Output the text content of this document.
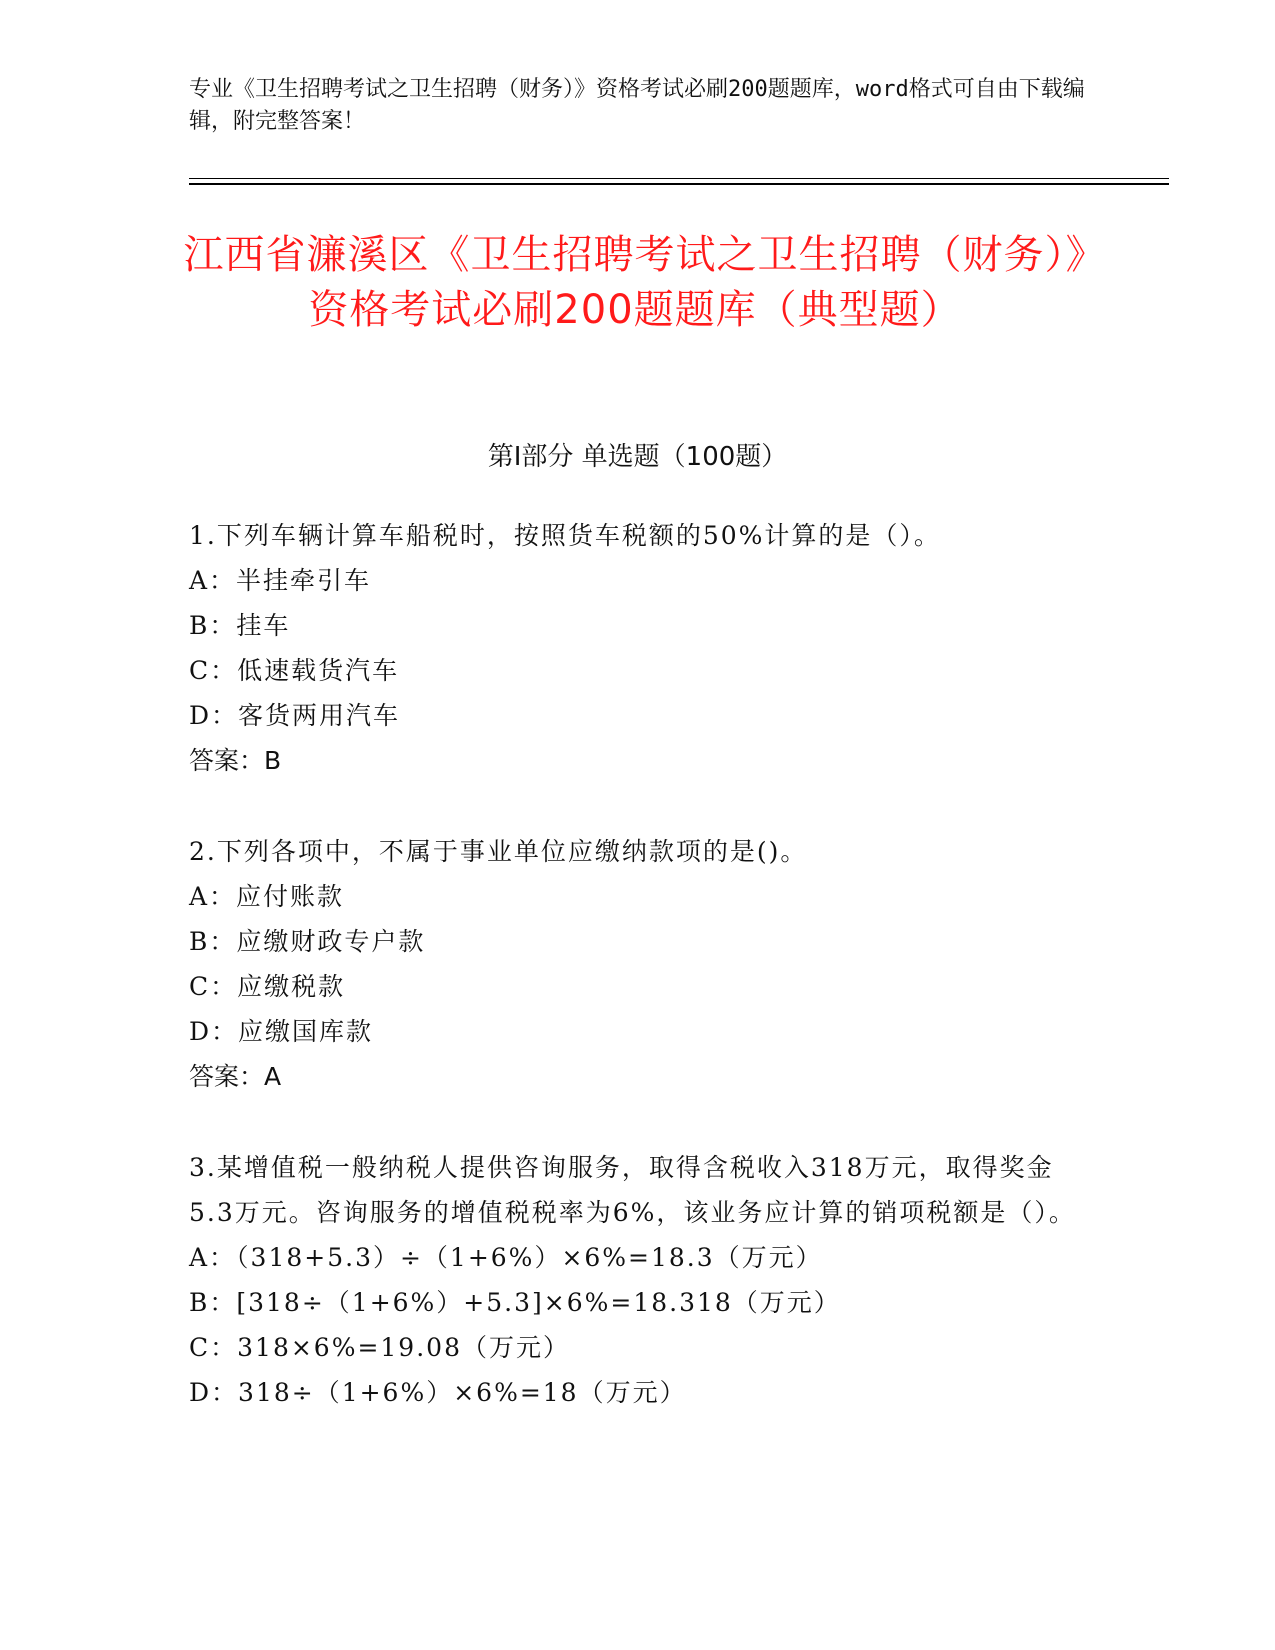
专业《卫生招聘考试之卫生招聘（财务）》资格考试必刷200题题库，word格式可自由下载编辑，附完整答案！
江西省濂溪区《卫生招聘考试之卫生招聘（财务）》资格考试必刷200题题库（典型题）
第Ⅰ部分 单选题（100题）
1.下列车辆计算车船税时，按照货车税额的50%计算的是（）。
A：半挂牵引车
B：挂车
C：低速载货汽车
D：客货两用汽车
答案：B
2.下列各项中，不属于事业单位应缴纳款项的是()。
A：应付账款
B：应缴财政专户款
C：应缴税款
D：应缴国库款
答案：A
3.某增值税一般纳税人提供咨询服务，取得含税收入318万元，取得奖金5.3万元。咨询服务的增值税税率为6%，该业务应计算的销项税额是（）。
A：（318+5.3）÷（1+6%）×6%=18.3（万元）
B：[318÷（1+6%）+5.3]×6%=18.318（万元）
C：318×6%=19.08（万元）
D：318÷（1+6%）×6%=18（万元）
